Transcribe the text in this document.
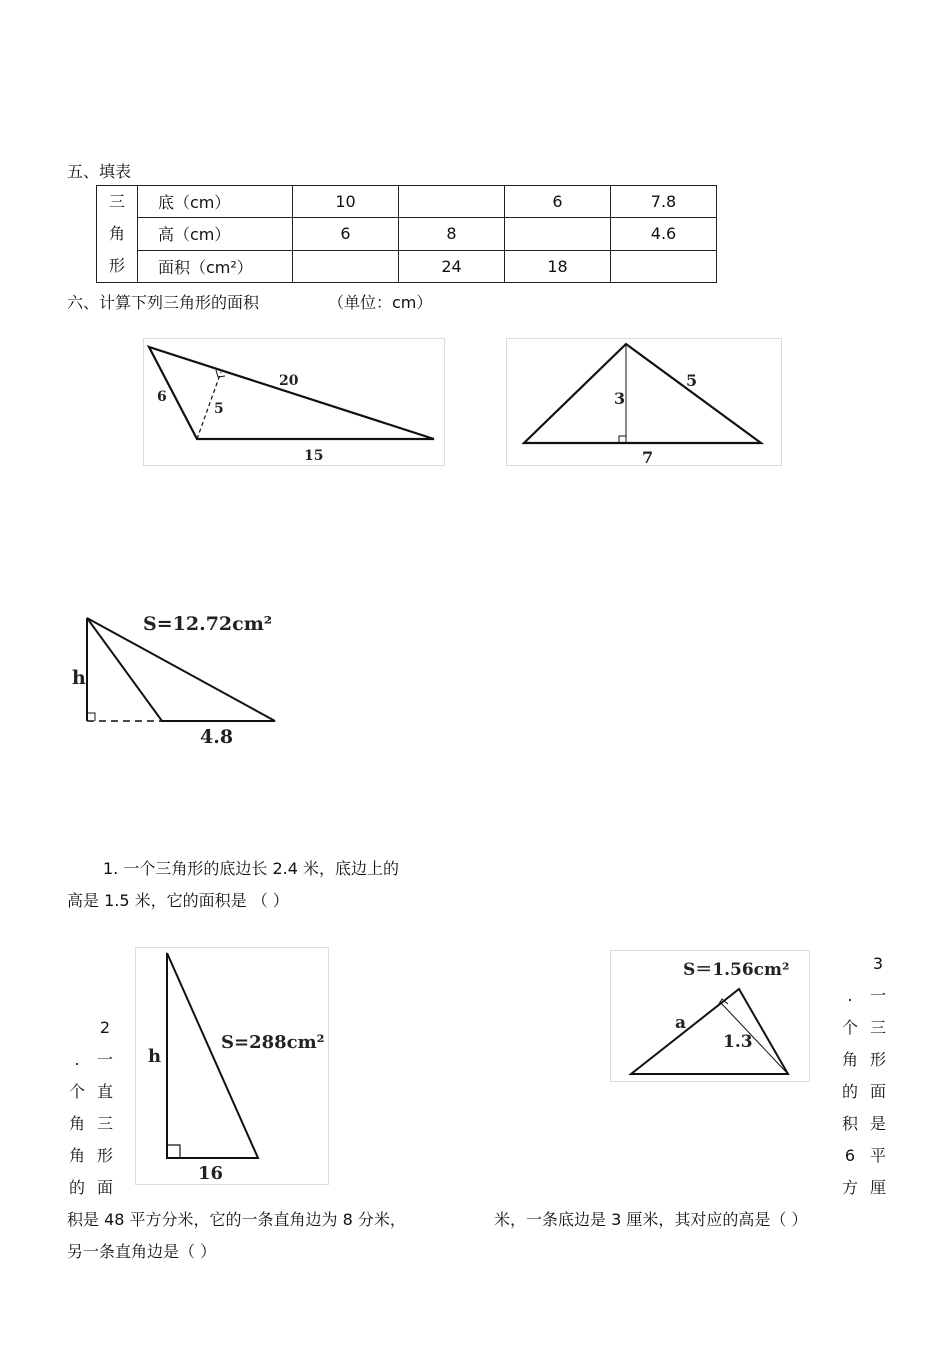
五、填表
三
角
形	底（cm）	10		6	7.8
	高（cm）	6	8		4.6
	面积（cm²）		24	18	
六、计算下列三角形的面积	（单位：cm）
6
5
20
15
3
5
7
S=12.72cm²
h
4.8
1. 一个三角形的底边长 2.4 米，底边上的
高是 1.5 米，它的面积是 （ ）
S=288cm²
h
16
S＝1.56cm²
a
1.3
2
.	一
个 直
角 三
角 形
的 面
积是 48 平方分米，它的一条直角边为 8 分米，
另一条直角边是（ ）
3
.	一
个 三
角 形
的 面
积 是
6 平
方 厘
米，一条底边是 3 厘米，其对应的高是（ ）
